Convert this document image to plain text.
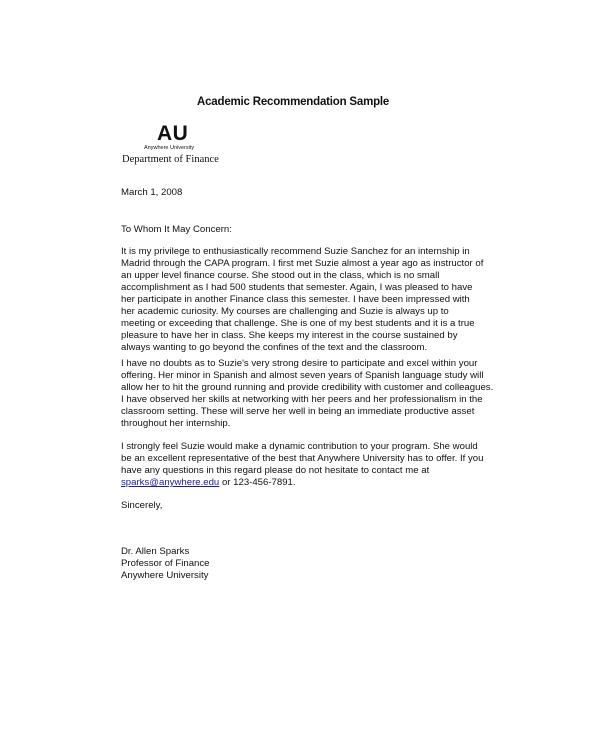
Academic Recommendation Sample
AU
Anywhere University
Department of Finance
March 1, 2008
To Whom It May Concern:
It is my privilege to enthusiastically recommend Suzie Sanchez for an internship in
Madrid through the CAPA program. I first met Suzie almost a year ago as instructor of
an upper level finance course. She stood out in the class, which is no small
accomplishment as I had 500 students that semester. Again, I was pleased to have
her participate in another Finance class this semester. I have been impressed with
her academic curiosity. My courses are challenging and Suzie is always up to
meeting or exceeding that challenge. She is one of my best students and it is a true
pleasure to have her in class. She keeps my interest in the course sustained by
always wanting to go beyond the confines of the text and the classroom.
I have no doubts as to Suzie's very strong desire to participate and excel within your
offering. Her minor in Spanish and almost seven years of Spanish language study will
allow her to hit the ground running and provide credibility with customer and colleagues.
I have observed her skills at networking with her peers and her professionalism in the
classroom setting. These will serve her well in being an immediate productive asset
throughout her internship.
I strongly feel Suzie would make a dynamic contribution to your program. She would
be an excellent representative of the best that Anywhere University has to offer. If you
have any questions in this regard please do not hesitate to contact me at
sparks@anywhere.edu or 123-456-7891.
Sincerely,
Dr. Allen Sparks
Professor of Finance
Anywhere University
